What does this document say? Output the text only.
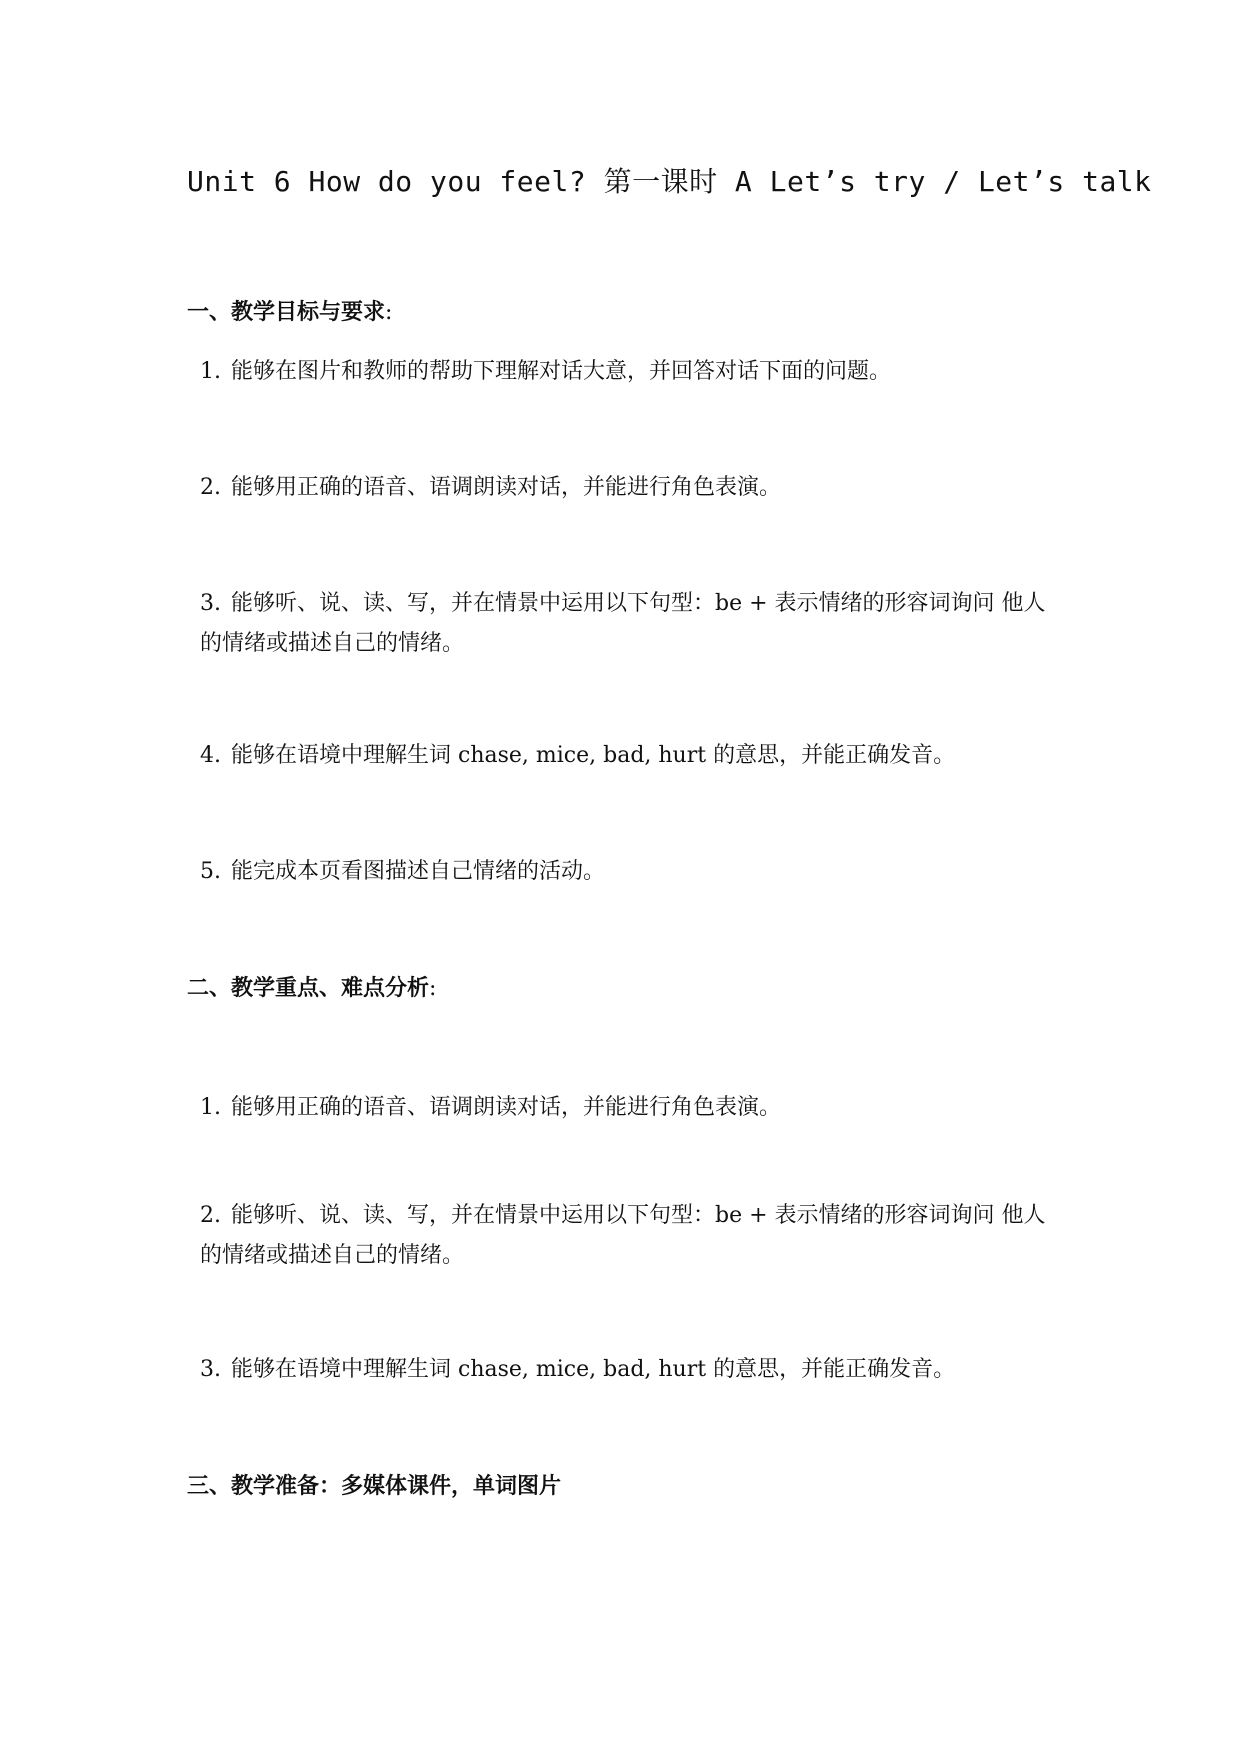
Unit 6 How do you feel? 第一课时 A Let’s try / Let’s talk
一、教学目标与要求:
1. 能够在图片和教师的帮助下理解对话大意，并回答对话下面的问题。
2. 能够用正确的语音、语调朗读对话，并能进行角色表演。
3. 能够听、说、读、写，并在情景中运用以下句型：be + 表示情绪的形容词询问 他人的情绪或描述自己的情绪。
4. 能够在语境中理解生词 chase, mice, bad, hurt 的意思，并能正确发音。
5. 能完成本页看图描述自己情绪的活动。
二、教学重点、难点分析:
1. 能够用正确的语音、语调朗读对话，并能进行角色表演。
2. 能够听、说、读、写，并在情景中运用以下句型：be + 表示情绪的形容词询问 他人的情绪或描述自己的情绪。
3. 能够在语境中理解生词 chase, mice, bad, hurt 的意思，并能正确发音。
三、教学准备：多媒体课件，单词图片
